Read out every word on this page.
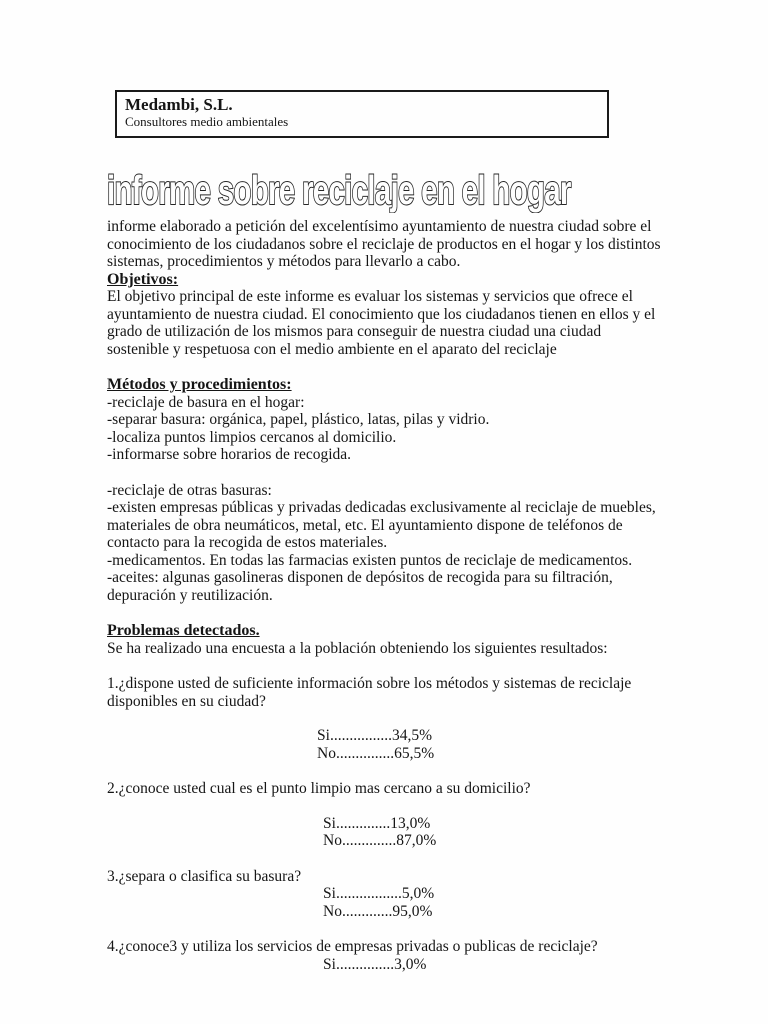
Medambi, S.L.
Consultores medio ambientales
informe sobre reciclaje en el hogar

informe elaborado a petición del excelentísimo ayuntamiento de nuestra ciudad sobre el conocimiento de los ciudadanos sobre el reciclaje de productos en el hogar y los distintos sistemas, procedimientos y métodos para llevarlo a cabo.

Objetivos:

El objetivo principal de este informe es evaluar los sistemas y servicios que ofrece el ayuntamiento de nuestra ciudad. El conocimiento que los ciudadanos tienen en ellos y el grado de utilización de los mismos para conseguir de nuestra ciudad una ciudad sostenible y respetuosa con el medio ambiente en el aparato del reciclaje

Métodos y procedimientos:

-reciclaje de basura en el hogar:

-separar basura: orgánica, papel, plástico, latas, pilas y vidrio.

-localiza puntos limpios cercanos al domicilio.

-informarse sobre horarios de recogida.

-reciclaje de otras basuras:

-existen empresas públicas y privadas dedicadas exclusivamente al reciclaje de muebles, materiales de obra neumáticos, metal, etc. El ayuntamiento dispone de teléfonos de contacto para la recogida de estos materiales.

-medicamentos. En todas las farmacias existen puntos de reciclaje de medicamentos.

-aceites: algunas gasolineras disponen de depósitos de recogida para su filtración, depuración y reutilización.

Problemas detectados.

Se ha realizado una encuesta a la población obteniendo los siguientes resultados:

1.¿dispone usted de suficiente información sobre los métodos y sistemas de reciclaje disponibles en su ciudad?

Si................34,5%
No...............65,5%

2.¿conoce usted cual es el punto limpio mas cercano a su domicilio?

Si..............13,0%
No..............87,0%

3.¿separa o clasifica su basura?

Si.................5,0%
No.............95,0%

4.¿conoce3 y utiliza los servicios de empresas privadas o publicas de reciclaje?

Si...............3,0%
